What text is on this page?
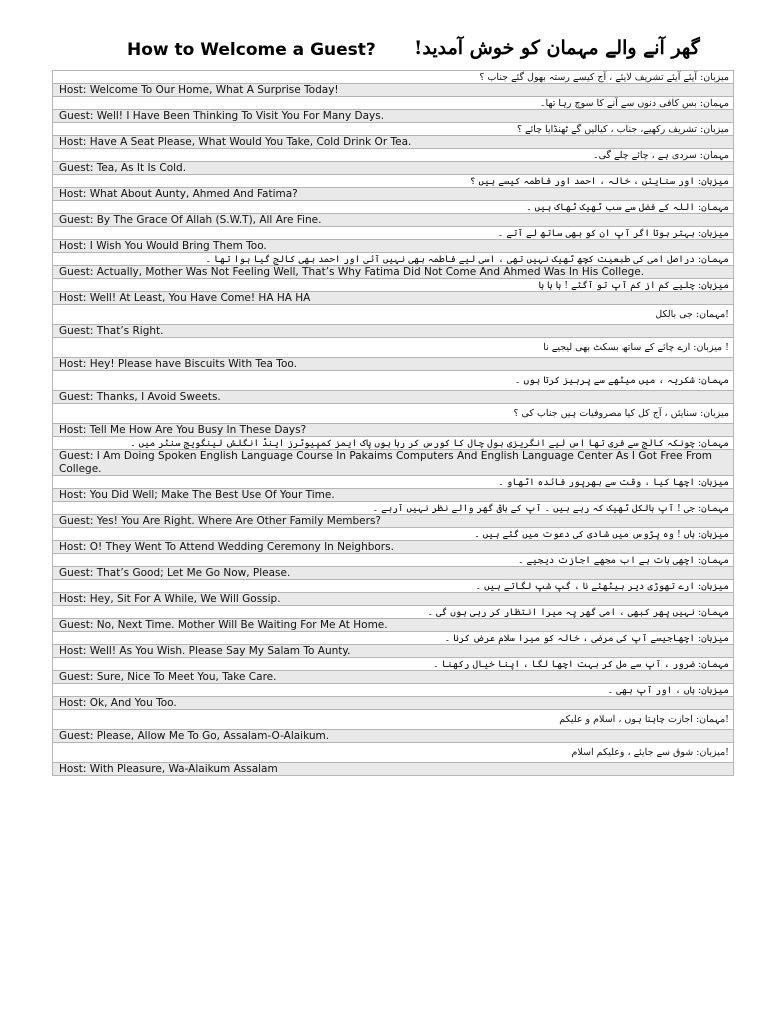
How to Welcome a Guest? گھر آنے والے مہمان کو خوش آمدید!
میزبان: آیئے آیئے تشریف لایئے ، آج کیسے رستہ بھول گئے جناب ؟
Host: Welcome To Our Home, What A Surprise Today!
مہمان: بس کافی دنوں سے آنے کا سوچ رہا تھا۔
Guest: Well! I Have Been Thinking To Visit You For Many Days.
میزبان: تشریف رکھیے، جناب ، کیالیں گے ٹھنڈایا چائے ؟
Host: Have A Seat Please, What Would You Take, Cold Drink Or Tea.
مہمان: سردی ہے ، چائے چلے گی۔
Guest: Tea, As It Is Cold.
میزبان: اور سنایئں ، خالہ ، احمد اور فاطمہ کیسے ہیں ؟
Host: What About Aunty, Ahmed And Fatima?
مہمان: اللہ کے فضل سے سب ٹھیک ٹھاک ہیں ۔
Guest: By The Grace Of Allah (S.W.T), All Are Fine.
میزبان: بہتر ہوتا اگر آپ ان کو بھی ساتھ لے آتے ۔
Host: I Wish You Would Bring Them Too.
مہمان: دراصل امی کی طبعیت کچھ ٹھیک نہیں تھی ، اسی لیے فاطمہ بھی نہیں آئی اور احمد بھی کالج گیا ہوا تھا ۔
Guest: Actually, Mother Was Not Feeling Well, That’s Why Fatima Did Not Come And Ahmed Was In His College.
میزبان: چلیے کم از کم آپ تو آگئے ! ہا ہا ہا
Host: Well! At Least, You Have Come! HA HA HA
!مہمان: جی بالکل
Guest: That’s Right.
! میزبان: ارے چائے کے ساتھ بسکٹ بھی لیجیے نا
Host: Hey! Please have Biscuits With Tea Too.
مہمان: شکریہ ، میں میٹھے سے پرہیز کرتا ہوں ۔
Guest: Thanks, I Avoid Sweets.
میزبان: سنایئں ، آج کل کیا مصروفیات ہیں جناب کی ؟
Host: Tell Me How Are You Busy In These Days?
مہمان: چونکہ کالج سے فری تھا اس لیے انگریزی بول چال کا کورس کر رہا ہوں پاک ایمز کمپیوٹرز اینڈ انگلش لینگویج سنٹر میں ۔
Guest: I Am Doing Spoken English Language Course In Pakaims Computers And English Language Center As I Got Free From College.
میزبان: اچھا کیا ، وقت سے بھرپور فائدہ اٹھاو ۔
Host: You Did Well; Make The Best Use Of Your Time.
مہمان: جی ! آپ بالکل ٹھیک کہ رہے ہیں ۔ آپ کے باقی گھر والے نظر نہیں آرہے ۔
Guest: Yes! You Are Right. Where Are Other Family Members?
میزبان: ہاں ! وہ پڑوس میں شادی کی دعوت میں گئے ہیں ۔
Host: O! They Went To Attend Wedding Ceremony In Neighbors.
مہمان: اچھی بات ہے اب مجھے اجازت دیجیے ۔
Guest: That’s Good; Let Me Go Now, Please.
میزبان: ارے تھوڑی دیر بیٹھئے نا ، گپ شپ لگاتے ہیں ۔
Host: Hey, Sit For A While, We Will Gossip.
مہمان: نہیں پھر کبھی ، امی گھر پہ میرا انتظار کر رہی ہوں گی ۔
Guest: No, Next Time. Mother Will Be Waiting For Me At Home.
میزبان: اچھاجیسے آپ کی مرضی ، خالہ کو میرا سلام عرض کرنا ۔
Host: Well! As You Wish. Please Say My Salam To Aunty.
مہمان: ضرور ، آپ سے مل کر بہت اچھا لگا ، اپنا خیال رکھنا ۔
Guest: Sure, Nice To Meet You, Take Care.
میزبان: ہاں ، اور آپ بھی ۔
Host: Ok, And You Too.
!مہمان: اجازت چاہتا ہوں ، اسلام و علیکم
Guest: Please, Allow Me To Go, Assalam-O-Alaikum.
!میزبان: شوق سے جایئے ، وعلیکم اسلام
Host: With Pleasure, Wa-Alaikum Assalam
